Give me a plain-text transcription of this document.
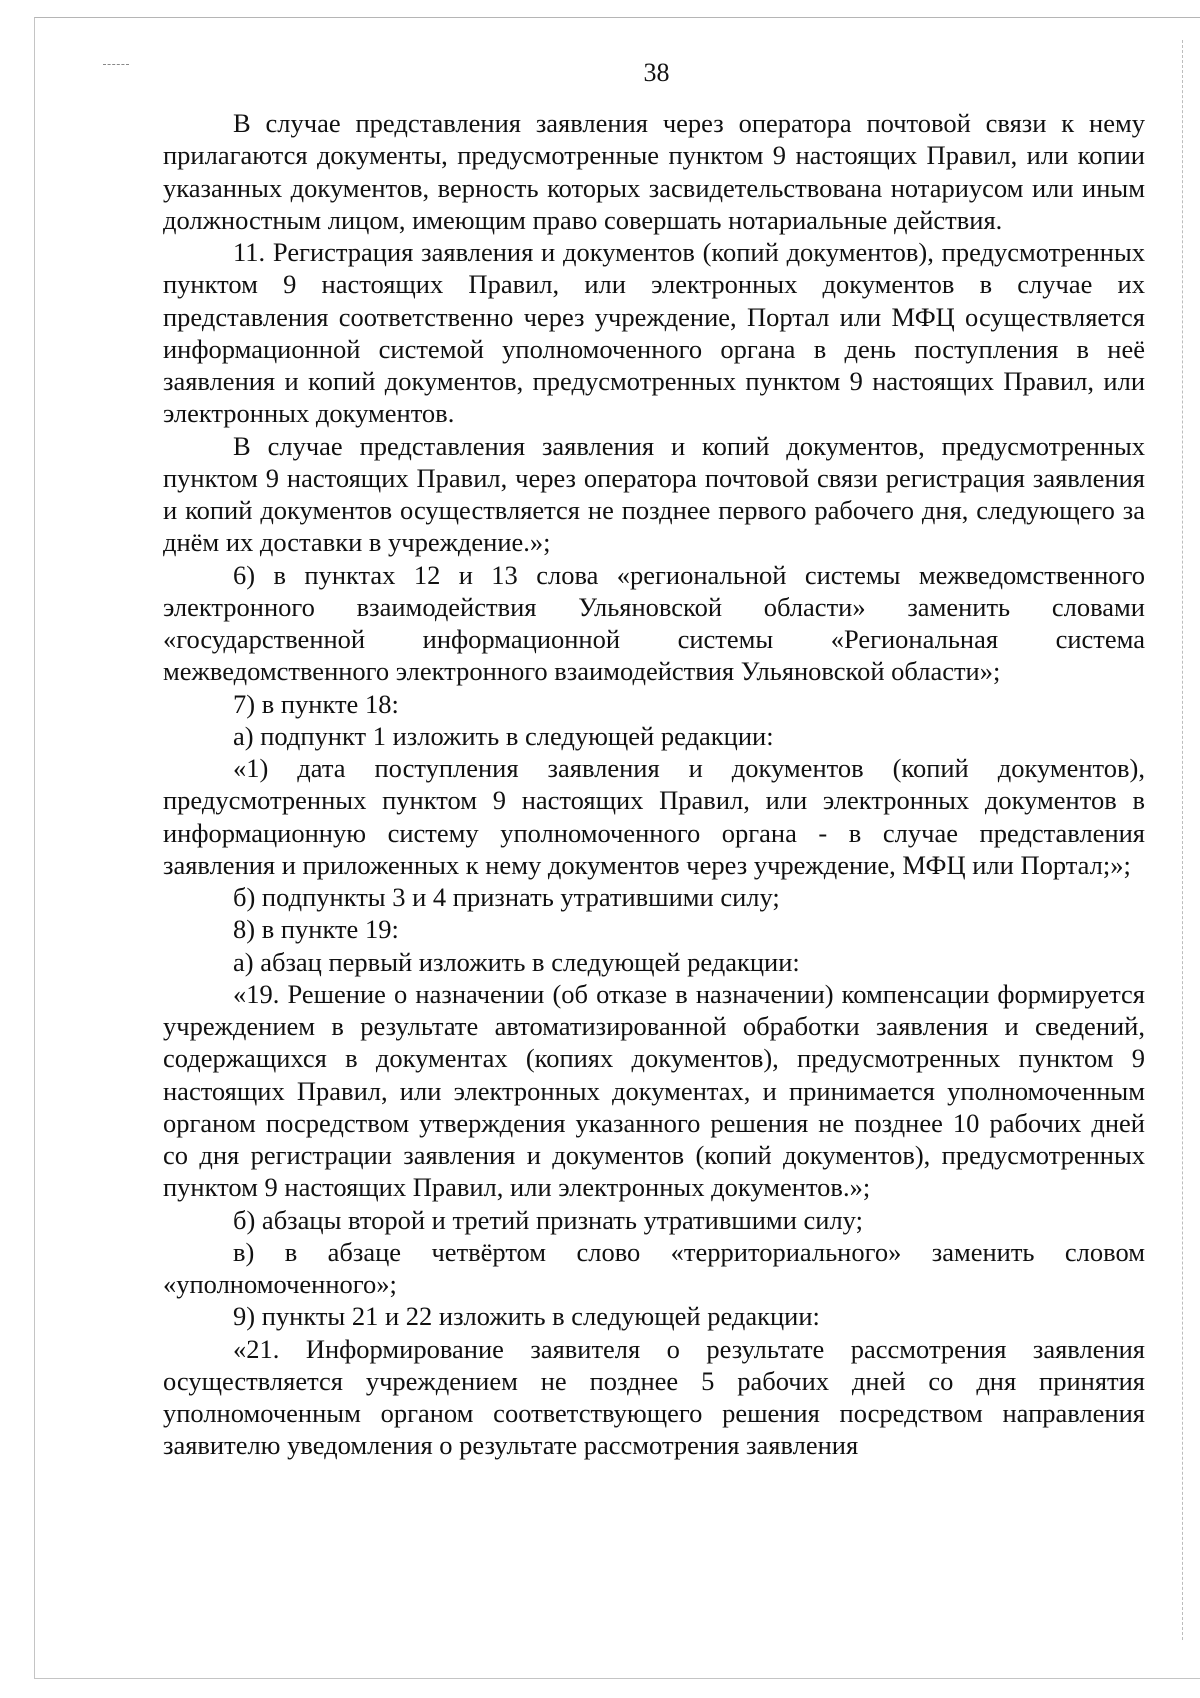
38

В случае представления заявления через оператора почтовой связи к нему прилагаются документы, предусмотренные пунктом 9 настоящих Правил, или копии указанных документов, верность которых засвидетельствована нотариусом или иным должностным лицом, имеющим право совершать нотариальные действия.

11. Регистрация заявления и документов (копий документов), предусмотренных пунктом 9 настоящих Правил, или электронных документов в случае их представления соответственно через учреждение, Портал или МФЦ осуществляется информационной системой уполномоченного органа в день поступления в неё заявления и копий документов, предусмотренных пунктом 9 настоящих Правил, или электронных документов.

В случае представления заявления и копий документов, предусмотренных пунктом 9 настоящих Правил, через оператора почтовой связи регистрация заявления и копий документов осуществляется не позднее первого рабочего дня, следующего за днём их доставки в учреждение.»;

6) в пунктах 12 и 13 слова «региональной системы межведомственного электронного взаимодействия Ульяновской области» заменить словами «государственной информационной системы «Региональная система межведомственного электронного взаимодействия Ульяновской области»;

7) в пункте 18:

а) подпункт 1 изложить в следующей редакции:

«1) дата поступления заявления и документов (копий документов), предусмотренных пунктом 9 настоящих Правил, или электронных документов в информационную систему уполномоченного органа - в случае представления заявления и приложенных к нему документов через учреждение, МФЦ или Портал;»;

б) подпункты 3 и 4 признать утратившими силу;

8) в пункте 19:

а) абзац первый изложить в следующей редакции:

«19. Решение о назначении (об отказе в назначении) компенсации формируется учреждением в результате автоматизированной обработки заявления и сведений, содержащихся в документах (копиях документов), предусмотренных пунктом 9 настоящих Правил, или электронных документах, и принимается уполномоченным органом посредством утверждения указанного решения не позднее 10 рабочих дней со дня регистрации заявления и документов (копий документов), предусмотренных пунктом 9 настоящих Правил, или электронных документов.»;

б) абзацы второй и третий признать утратившими силу;

в) в абзаце четвёртом слово «территориального» заменить словом «уполномоченного»;

9) пункты 21 и 22 изложить в следующей редакции:

«21. Информирование заявителя о результате рассмотрения заявления осуществляется учреждением не позднее 5 рабочих дней со дня принятия уполномоченным органом соответствующего решения посредством направления заявителю уведомления о результате рассмотрения заявления
